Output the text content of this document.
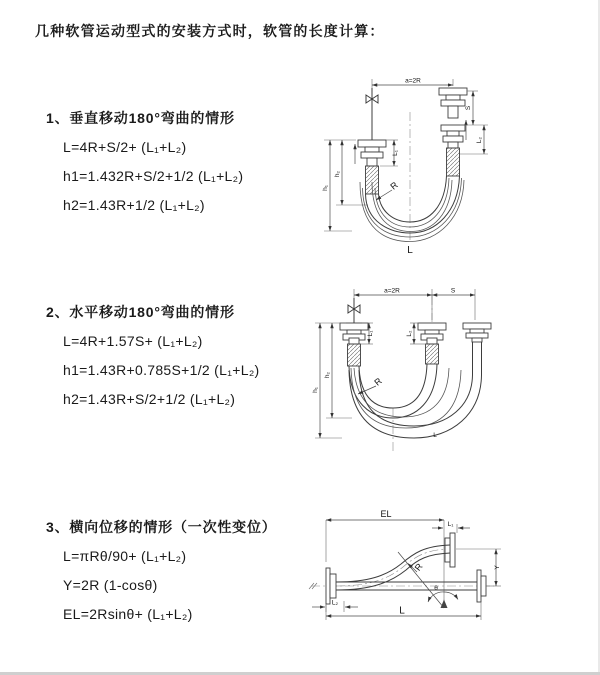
几种软管运动型式的安装方式时，软管的长度计算：
1、垂直移动180°弯曲的情形
L=4R+S/2+ (L₁+L₂)
h1=1.432R+S/2+1/2 (L₁+L₂)
h2=1.43R+1/2 (L₁+L₂)
2、水平移动180°弯曲的情形
L=4R+1.57S+ (L₁+L₂)
h1=1.43R+0.785S+1/2 (L₁+L₂)
h2=1.43R+S/2+1/2 (L₁+L₂)
3、横向位移的情形（一次性变位）
L=πRθ/90+ (L₁+L₂)
Y=2R (1-cosθ)
EL=2Rsinθ+ (L₁+L₂)
a=2R
L₁
S
L₂
h₂
h₁	R
L
a=2R	S
L₁	L₂
h₂
h₁
R
L
EL
L₁
R
θ
Y
L₂
L
